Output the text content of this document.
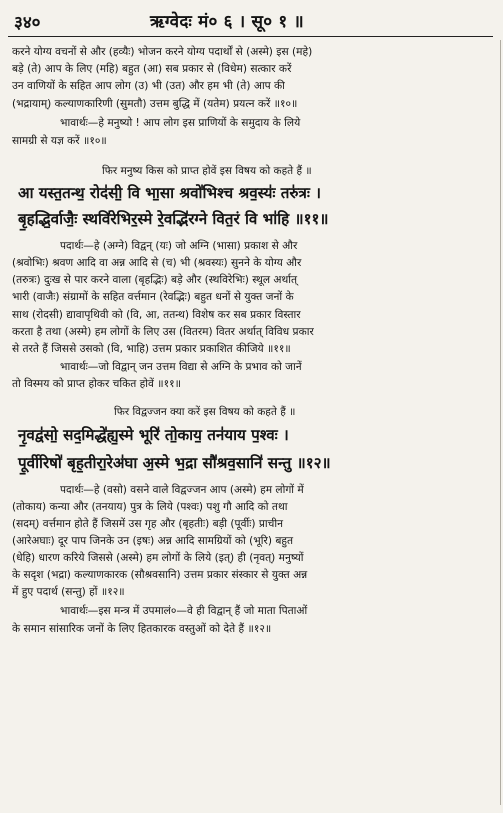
३४०	ऋग्वेदः मं० ६ । सू० १ ॥
करने योग्य वचनों से और (हव्यैः) भोजन करने योग्य पदार्थों से (अस्मे) इस (महे)
बड़े (ते) आप के लिए (महि) बहुत (आ) सब प्रकार से (विधेम) सत्कार करें
उन वाणियों के सहित आप लोग (उ) भी (उत) और हम भी (ते) आप की
(भद्रायाम्) कल्याणकारिणी (सुमतौ) उत्तम बुद्धि में (यतेम) प्रयत्न करें ॥१०॥
भावार्थः—हे मनुष्यो ! आप लोग इस प्राणियों के समुदाय के लिये
सामग्री से यज्ञ करें ॥१०॥
फिर मनुष्य किस को प्राप्त होवें इस विषय को कहते हैं ॥
आ यस्त॒तन्थ॒ रोद॑सी॒ वि भा॒सा श्रवो॑भिश्च श्रव॒स्यः॑ तरु॑त्रः ।
बृ॒हद्भि॒र्वाजैः॒ स्थवि॑रेभिर॒स्मे रे॒वद्भि॑रग्ने वित॒रं वि भा॑हि ॥११॥
पदार्थः—हे (अग्ने) विद्वन् (यः) जो अग्नि (भासा) प्रकाश से और
(श्रवोभिः) श्रवण आदि वा अन्न आदि से (च) भी (श्रवस्यः) सुनने के योग्य और
(तरुत्रः) दुःख से पार करने वाला (बृहद्भिः) बड़े और (स्थविरेभिः) स्थूल अर्थात्
भारी (वाजैः) संग्रामों के सहित वर्त्तमान (रेवद्भिः) बहुत धनों से युक्त जनों के
साथ (रोदसी) द्यावापृथिवी को (वि, आ, ततन्थ) विशेष कर सब प्रकार विस्तार
करता है तथा (अस्मे) हम लोगों के लिए उस (वितरम) वितर अर्थात् विविध प्रकार
से तरते हैं जिससे उसको (वि, भाहि) उत्तम प्रकार प्रकाशित कीजिये ॥११॥
भावार्थः—जो विद्वान् जन उत्तम विद्या से अग्नि के प्रभाव को जानें
तो विस्मय को प्राप्त होकर चकित होवें ॥११॥
फिर विद्वज्जन क्या करें इस विषय को कहते हैं ॥
नृ॒वद्व॑सो॒ सद॒मिद्धे॑ह्य॒स्मे भूरि॑ तो॒काय॒ तन॑याय प॒श्वः ।
पू॒र्वीरिषो॑ बृह॒तीरा॒रेअ॑घा अ॒स्मे भ॒द्रा सौ॑श्रव॒सानि॑ सन्तु ॥१२॥
पदार्थः—हे (वसो) वसने वाले विद्वज्जन आप (अस्मे) हम लोगों में
(तोकाय) कन्या और (तनयाय) पुत्र के लिये (पश्वः) पशु गौ आदि को तथा
(सदम्) वर्त्तमान होते हैं जिसमें उस गृह और (बृहतीः) बड़ी (पूर्वीः) प्राचीन
(आरेअघाः) दूर पाप जिनके उन (इषः) अन्न आदि सामग्रियों को (भूरि) बहुत
(धेहि) धारण करिये जिससे (अस्मे) हम लोगों के लिये (इत्) ही (नृवत्) मनुष्यों
के सदृश (भद्रा) कल्याणकारक (सौश्रवसानि) उत्तम प्रकार संस्कार से युक्त अन्न
में हुए पदार्थ (सन्तु) हों ॥१२॥
भावार्थः—इस मन्त्र में उपमालं०—वे ही विद्वान् हैं जो माता पिताओं
के समान सांसारिक जनों के लिए हितकारक वस्तुओं को देते हैं ॥१२॥
